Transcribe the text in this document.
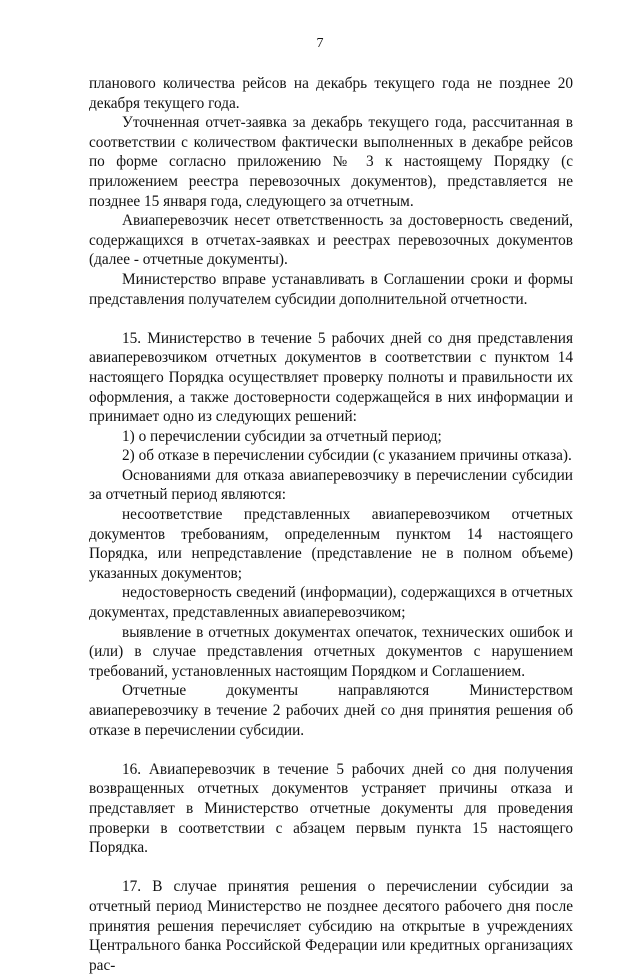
7

планового количества рейсов на декабрь текущего года не позднее 20 декабря текущего года.

Уточненная отчет-заявка за декабрь текущего года, рассчитанная в соответствии с количеством фактически выполненных в декабре рейсов по форме согласно приложению № 3 к настоящему Порядку (с приложением реестра перевозочных документов), представляется не позднее 15 января года, следующего за отчетным.

Авиаперевозчик несет ответственность за достоверность сведений, содержащихся в отчетах-заявках и реестрах перевозочных документов (далее - отчетные документы).

Министерство вправе устанавливать в Соглашении сроки и формы представления получателем субсидии дополнительной отчетности.

15. Министерство в течение 5 рабочих дней со дня представления авиаперевозчиком отчетных документов в соответствии с пунктом 14 настоящего Порядка осуществляет проверку полноты и правильности их оформления, а также достоверности содержащейся в них информации и принимает одно из следующих решений:

1) о перечислении субсидии за отчетный период;

2) об отказе в перечислении субсидии (с указанием причины отказа).

Основаниями для отказа авиаперевозчику в перечислении субсидии за отчетный период являются:

несоответствие представленных авиаперевозчиком отчетных документов требованиям, определенным пунктом 14 настоящего Порядка, или непредставление (представление не в полном объеме) указанных документов;

недостоверность сведений (информации), содержащихся в отчетных документах, представленных авиаперевозчиком;

выявление в отчетных документах опечаток, технических ошибок и (или) в случае представления отчетных документов с нарушением требований, установленных настоящим Порядком и Соглашением.

Отчетные документы направляются Министерством авиаперевозчику в течение 2 рабочих дней со дня принятия решения об отказе в перечислении субсидии.

16. Авиаперевозчик в течение 5 рабочих дней со дня получения возвращенных отчетных документов устраняет причины отказа и представляет в Министерство отчетные документы для проведения проверки в соответствии с абзацем первым пункта 15 настоящего Порядка.

17. В случае принятия решения о перечислении субсидии за отчетный период Министерство не позднее десятого рабочего дня после принятия решения перечисляет субсидию на открытые в учреждениях Центрального банка Российской Федерации или кредитных организациях рас-
